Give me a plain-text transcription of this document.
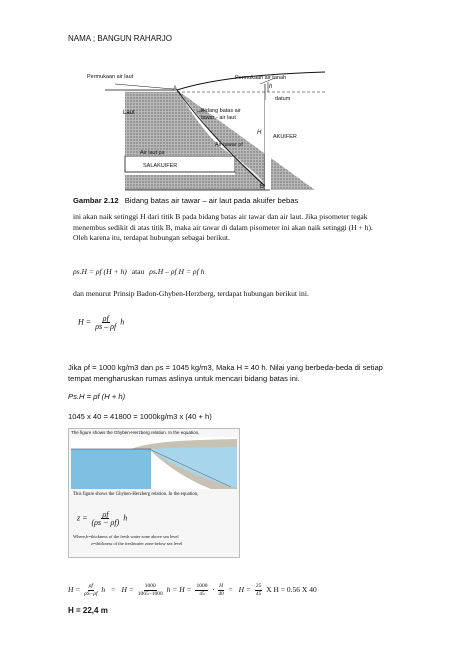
NAMA ; BANGUN RAHARJO
Permukaan air laut	Permukaan air tanah
A	h
datum
Bidang batas air tawar - air laut
Laut
H
AKUIFER
Air tawar ρf
Air laut ρs
B
SALAKUIFER
Gambar 2.12 Bidang batas air tawar – air laut pada akuifer bebas
ini akan naik setinggi H dari titik B pada bidang batas air tawar dan air laut. Jika pisometer tegak menembus sedikit di atas titik B, maka air tawar di dalam pisometer ini akan naik setinggi (H + h). Oleh karena itu, terdapat hubungan sebagai berikut.
ρs.H = ρf (H + h) atau ρs.H – ρf H = ρf h
dan menurut Prinsip Badon-Ghyben-Herzberg, terdapat hubungan berikut ini.
$H = \frac{\rho f}{\rho s - \rho f}$ h
Jika ρf = 1000 kg/m3 dan ρs = 1045 kg/m3, Maka H = 40 h. Nilai yang berbeda-beda di setiap tempat mengharuskan rumas aslinya untuk mencari bidang batas ini.
Ps.H = ρf (H + h)
1045 x 40 = 41800 = 1000kg/m3 x (40 + h)
The figure shows the Ghyben-Herzberg relation. In the equation,
This figure shows the Ghyben-Herzberg relation. In the equation,
$z = \frac{\rho f}{(\rho s - \rho f)}$ h
Where,h=thickness of the fresh water zone above sea level
z=thickness of the freshwater zone below sea level
$H = \frac{\rho f}{\rho S-\rho f}$ $h = H = \frac{1000}{1065-1000}$ $h = H = \frac{1000}{45} \cdot \frac{H}{40} = H = \frac{25}{45}$ X H = 0.56 X 40
H = 22,4 m
